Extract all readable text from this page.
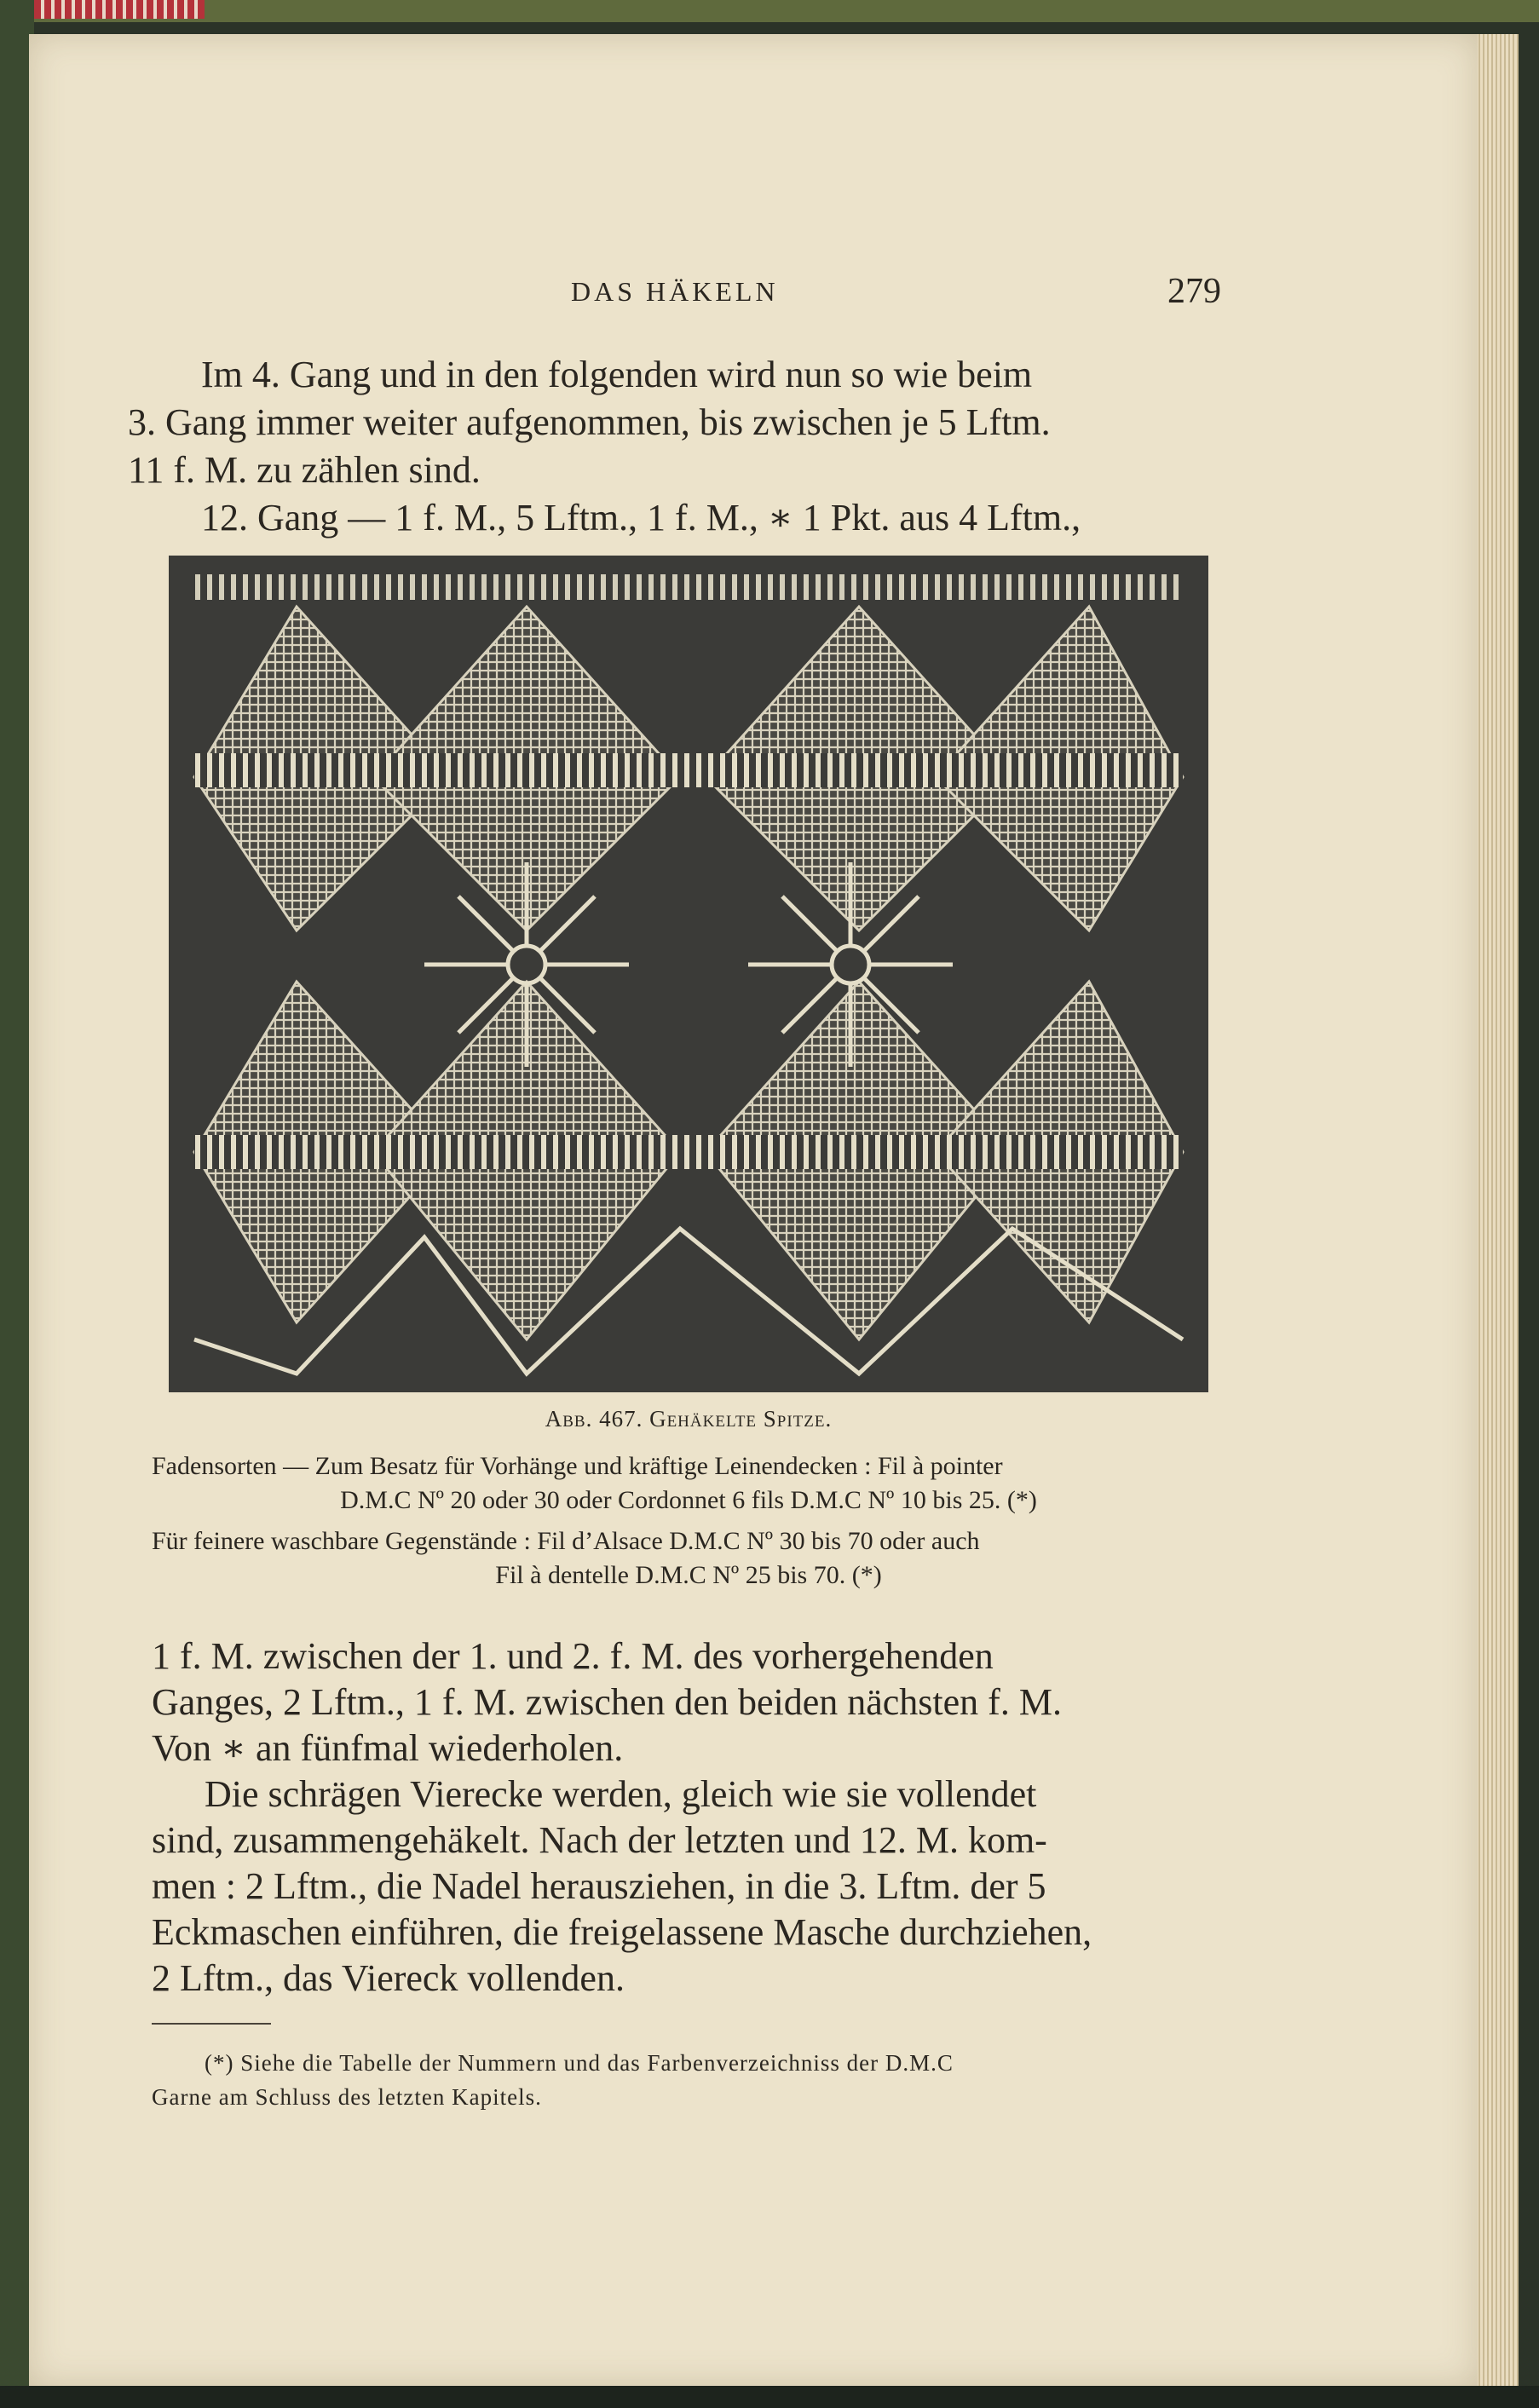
DAS HÄKELN	279
Im 4. Gang und in den folgenden wird nun so wie beim
3. Gang immer weiter aufgenommen, bis zwischen je 5 Lftm.
11 f. M. zu zählen sind.
12. Gang — 1 f. M., 5 Lftm., 1 f. M., ∗ 1 Pkt. aus 4 Lftm.,
Abb. 467. Gehäkelte Spitze.
Fadensorten — Zum Besatz für Vorhänge und kräftige Leinendecken : Fil à pointer
D.M.C Nº 20 oder 30 oder Cordonnet 6 fils D.M.C Nº 10 bis 25. (*)
Für feinere waschbare Gegenstände : Fil d’Alsace D.M.C Nº 30 bis 70 oder auch
Fil à dentelle D.M.C Nº 25 bis 70. (*)
1 f. M. zwischen der 1. und 2. f. M. des vorhergehenden
Ganges, 2 Lftm., 1 f. M. zwischen den beiden nächsten f. M.
Von ∗ an fünfmal wiederholen.
Die schrägen Vierecke werden, gleich wie sie vollendet
sind, zusammengehäkelt. Nach der letzten und 12. M. kom-
men : 2 Lftm., die Nadel herausziehen, in die 3. Lftm. der 5
Eckmaschen einführen, die freigelassene Masche durchziehen,
2 Lftm., das Viereck vollenden.
(*) Siehe die Tabelle der Nummern und das Farbenverzeichniss der D.M.C
Garne am Schluss des letzten Kapitels.
